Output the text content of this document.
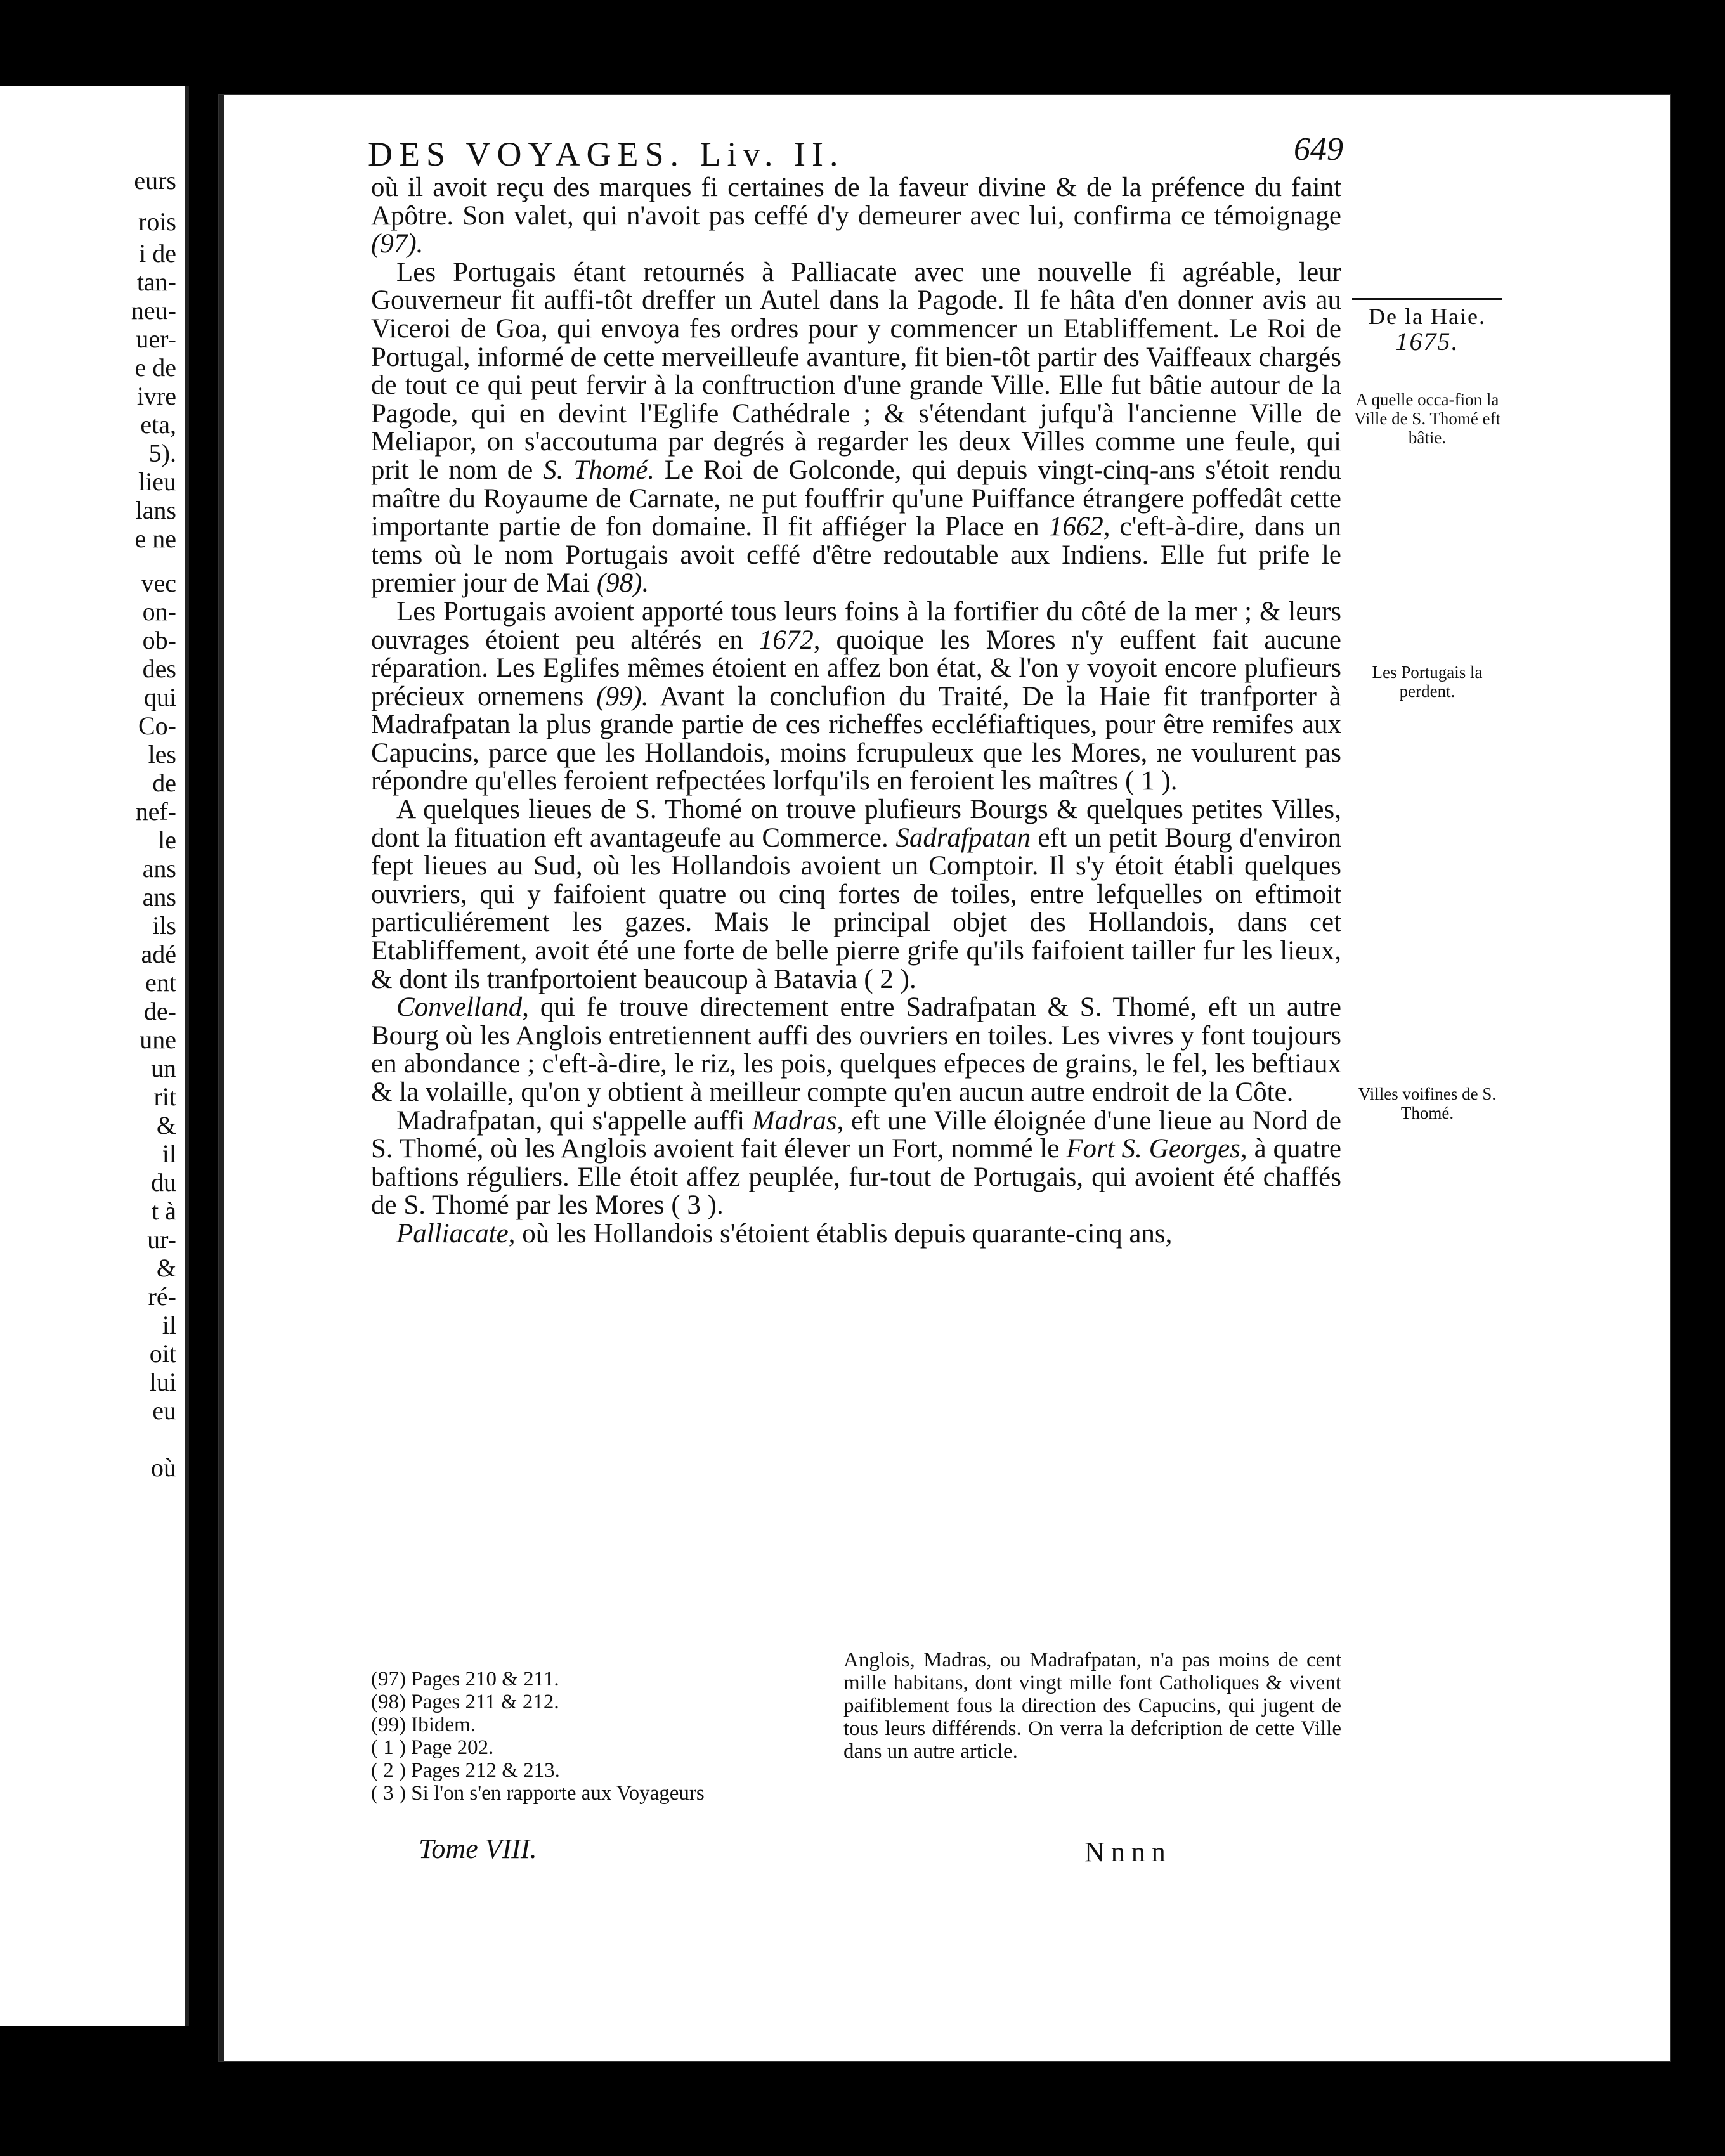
eurs
rois
i de
tan-
neu-
uer-
e de
ivre
eta,
5).
lieu
lans
e ne
vec
on-
ob-
des
qui
Co-
les
de
nef-
le
ans
ans
ils
adé
ent
de-
une
un
rit
&
il
du
t à
ur-
&
ré-
il
oit
lui
eu
où
DES VOYAGES. Liv. II.	649
De la Haie.
1675.
A quelle occa-fion la Ville de S. Thomé eft bâtie.
Les Portugais la perdent.
Villes voifines de S. Thomé.

où il avoit reçu des marques fi certaines de la faveur divine & de la préfence du faint Apôtre. Son valet, qui n'avoit pas ceffé d'y demeurer avec lui, confirma ce témoignage (97).

Les Portugais étant retournés à Palliacate avec une nouvelle fi agréable, leur Gouverneur fit auffi-tôt dreffer un Autel dans la Pagode. Il fe hâta d'en donner avis au Viceroi de Goa, qui envoya fes ordres pour y commencer un Etabliffement. Le Roi de Portugal, informé de cette merveilleufe avanture, fit bien-tôt partir des Vaiffeaux chargés de tout ce qui peut fervir à la conftruction d'une grande Ville. Elle fut bâtie autour de la Pagode, qui en devint l'Eglife Cathédrale ; & s'étendant jufqu'à l'ancienne Ville de Meliapor, on s'accoutuma par degrés à regarder les deux Villes comme une feule, qui prit le nom de S. Thomé. Le Roi de Golconde, qui depuis vingt-cinq-ans s'étoit rendu maître du Royaume de Carnate, ne put fouffrir qu'une Puiffance étrangere poffedât cette importante partie de fon domaine. Il fit affiéger la Place en 1662, c'eft-à-dire, dans un tems où le nom Portugais avoit ceffé d'être redoutable aux Indiens. Elle fut prife le premier jour de Mai (98).

Les Portugais avoient apporté tous leurs foins à la fortifier du côté de la mer ; & leurs ouvrages étoient peu altérés en 1672, quoique les Mores n'y euffent fait aucune réparation. Les Eglifes mêmes étoient en affez bon état, & l'on y voyoit encore plufieurs précieux ornemens (99). Avant la conclufion du Traité, De la Haie fit tranfporter à Madrafpatan la plus grande partie de ces richeffes eccléfiaftiques, pour être remifes aux Capucins, parce que les Hollandois, moins fcrupuleux que les Mores, ne voulurent pas répondre qu'elles feroient refpectées lorfqu'ils en feroient les maîtres ( 1 ).

A quelques lieues de S. Thomé on trouve plufieurs Bourgs & quelques petites Villes, dont la fituation eft avantageufe au Commerce. Sadrafpatan eft un petit Bourg d'environ fept lieues au Sud, où les Hollandois avoient un Comptoir. Il s'y étoit établi quelques ouvriers, qui y faifoient quatre ou cinq fortes de toiles, entre lefquelles on eftimoit particuliérement les gazes. Mais le principal objet des Hollandois, dans cet Etabliffement, avoit été une forte de belle pierre grife qu'ils faifoient tailler fur les lieux, & dont ils tranfportoient beaucoup à Batavia ( 2 ).

Convelland, qui fe trouve directement entre Sadrafpatan & S. Thomé, eft un autre Bourg où les Anglois entretiennent auffi des ouvriers en toiles. Les vivres y font toujours en abondance ; c'eft-à-dire, le riz, les pois, quelques efpeces de grains, le fel, les beftiaux & la volaille, qu'on y obtient à meilleur compte qu'en aucun autre endroit de la Côte.

Madrafpatan, qui s'appelle auffi Madras, eft une Ville éloignée d'une lieue au Nord de S. Thomé, où les Anglois avoient fait élever un Fort, nommé le Fort S. Georges, à quatre baftions réguliers. Elle étoit affez peuplée, fur-tout de Portugais, qui avoient été chaffés de S. Thomé par les Mores ( 3 ).

Palliacate, où les Hollandois s'étoient établis depuis quarante-cinq ans,

(97) Pages 210 & 211.
(98) Pages 211 & 212.
(99) Ibidem.
( 1 ) Page 202.
( 2 ) Pages 212 & 213.
( 3 ) Si l'on s'en rapporte aux Voyageurs
Anglois, Madras, ou Madrafpatan, n'a pas moins de cent mille habitans, dont vingt mille font Catholiques & vivent paifiblement fous la direction des Capucins, qui jugent de tous leurs différends. On verra la defcription de cette Ville dans un autre article.
Tome VIII.	Nnnn
